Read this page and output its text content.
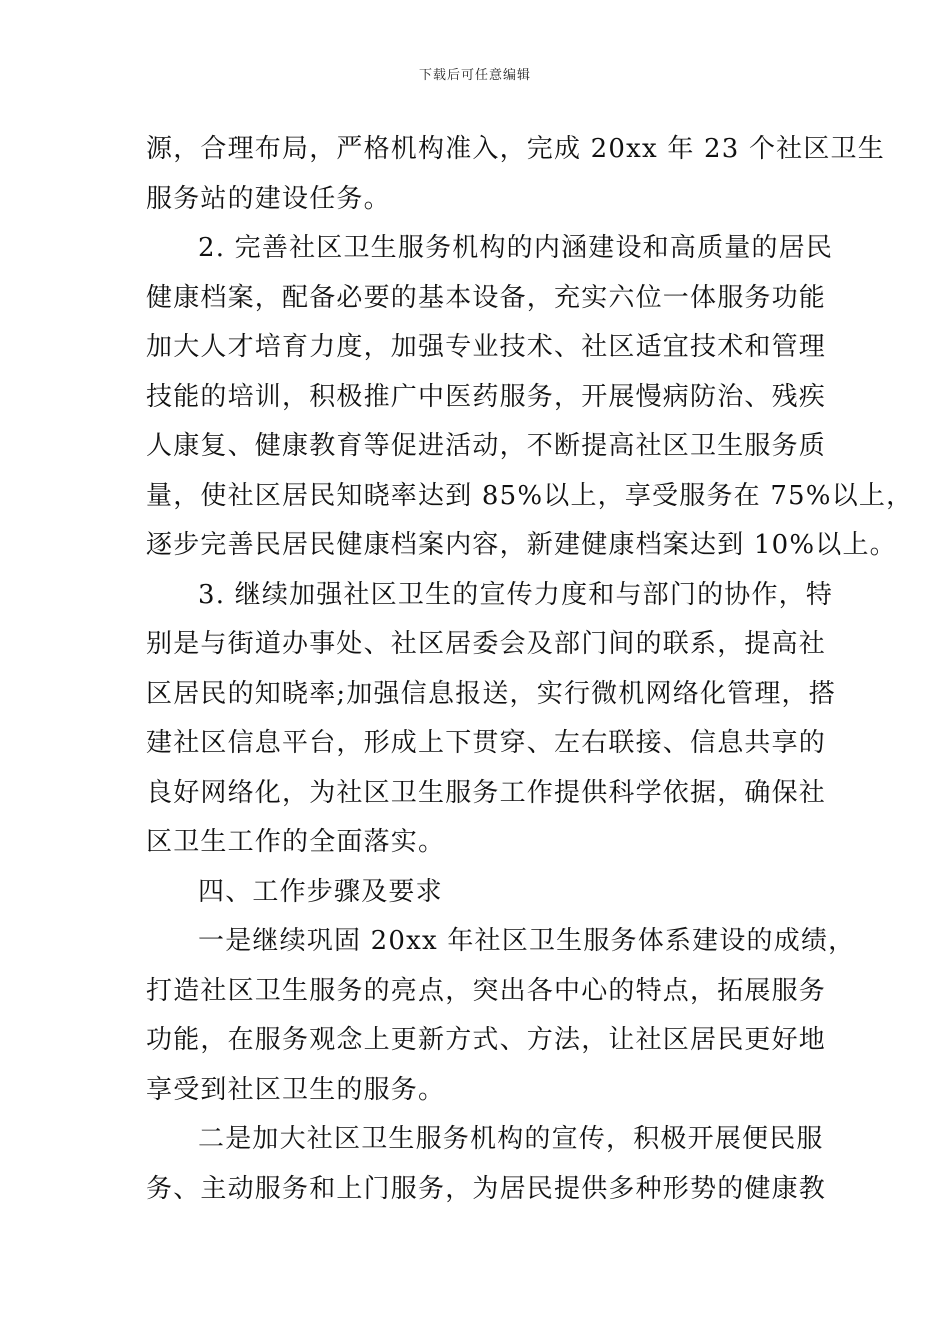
下载后可任意编辑
源，合理布局，严格机构准入，完成 20xx 年 23 个社区卫生
服务站的建设任务。
2. 完善社区卫生服务机构的内涵建设和高质量的居民
健康档案，配备必要的基本设备，充实六位一体服务功能
加大人才培育力度，加强专业技术、社区适宜技术和管理
技能的培训，积极推广中医药服务，开展慢病防治、残疾
人康复、健康教育等促进活动，不断提高社区卫生服务质
量，使社区居民知晓率达到 85%以上，享受服务在 75%以上，
逐步完善民居民健康档案内容，新建健康档案达到 10%以上。
3. 继续加强社区卫生的宣传力度和与部门的协作，特
别是与街道办事处、社区居委会及部门间的联系，提高社
区居民的知晓率;加强信息报送，实行微机网络化管理，搭
建社区信息平台，形成上下贯穿、左右联接、信息共享的
良好网络化，为社区卫生服务工作提供科学依据，确保社
区卫生工作的全面落实。
四、工作步骤及要求
一是继续巩固 20xx 年社区卫生服务体系建设的成绩，
打造社区卫生服务的亮点，突出各中心的特点，拓展服务
功能，在服务观念上更新方式、方法，让社区居民更好地
享受到社区卫生的服务。
二是加大社区卫生服务机构的宣传，积极开展便民服
务、主动服务和上门服务，为居民提供多种形势的健康教
